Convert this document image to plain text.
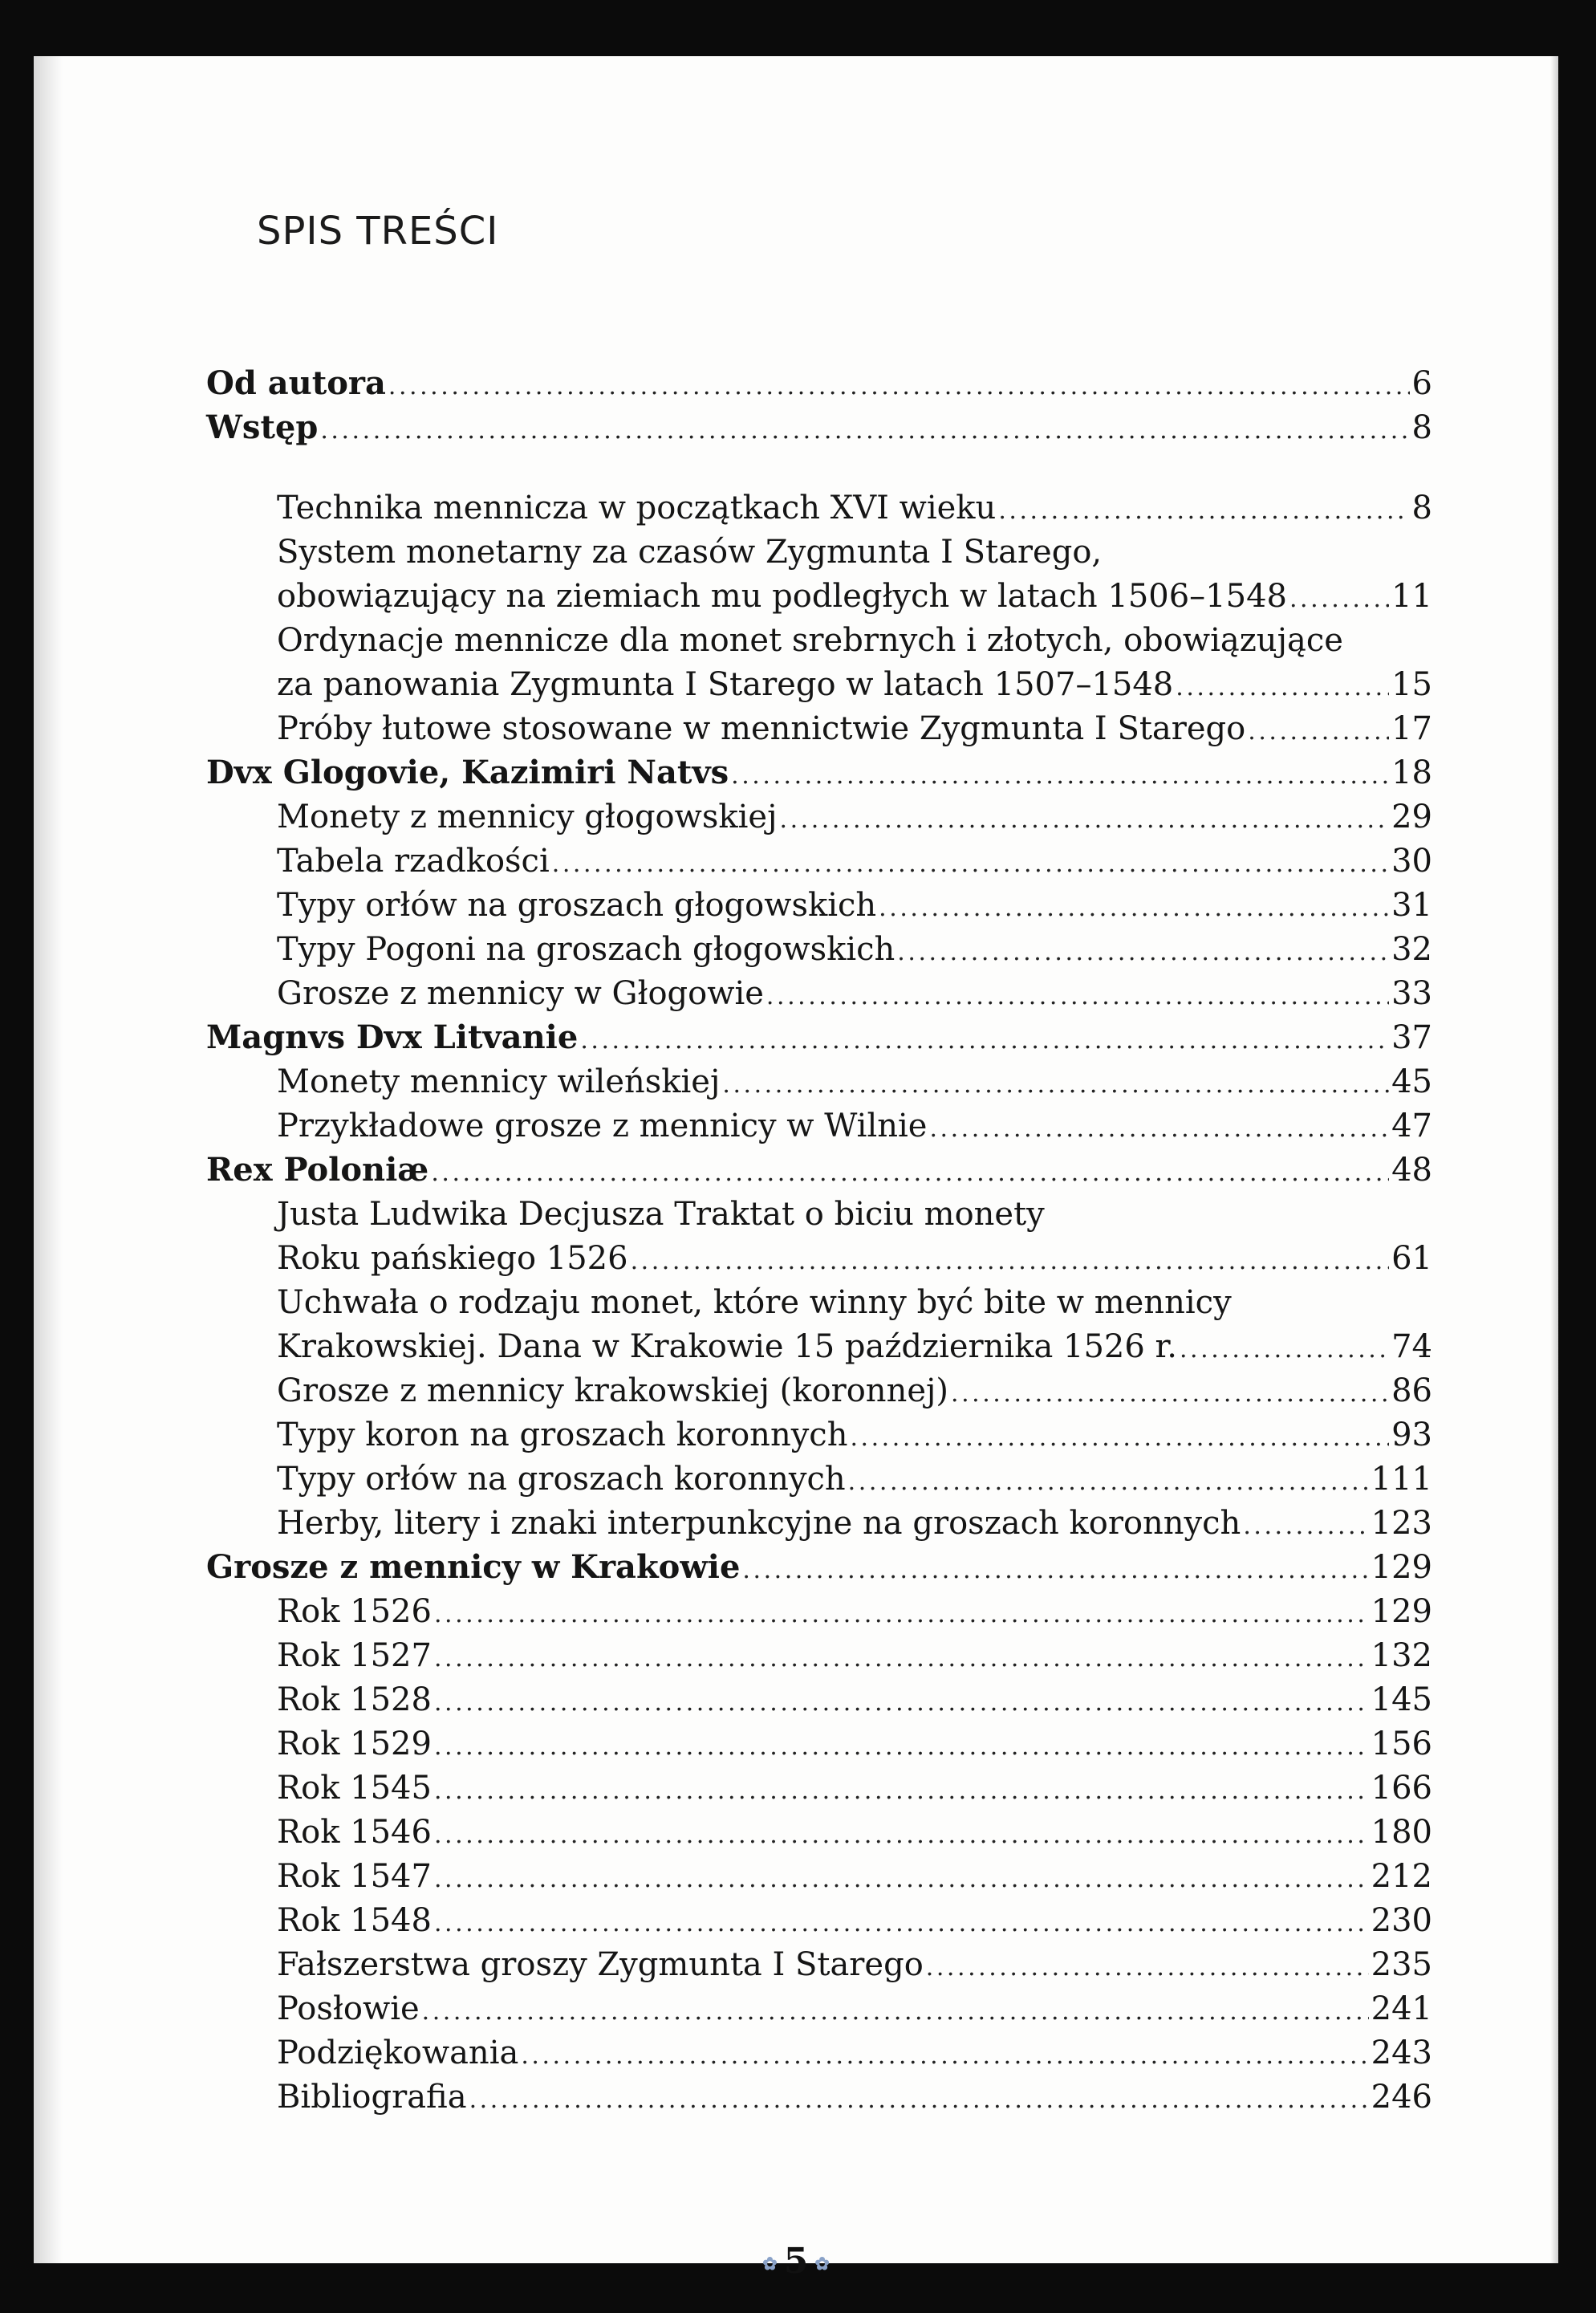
SPIS TREŚCI
Od autora . . .	6
Wstęp . . .	8
Technika mennicza w początkach XVI wieku . . .	8
System monetarny za czasów Zygmunta I Starego,
obowiązujący na ziemiach mu podległych w latach 1506–1548 . . .	11
Ordynacje mennicze dla monet srebrnych i złotych, obowiązujące
za panowania Zygmunta I Starego w latach 1507–1548 . . .	15
Próby łutowe stosowane w mennictwie Zygmunta I Starego . . .	17
Dvx Glogovie, Kazimiri Natvs . . .	18
Monety z mennicy głogowskiej . . .	29
Tabela rzadkości . . .	30
Typy orłów na groszach głogowskich . . .	31
Typy Pogoni na groszach głogowskich . . .	32
Grosze z mennicy w Głogowie . . .	33
Magnvs Dvx Litvanie . . .	37
Monety mennicy wileńskiej . . .	45
Przykładowe grosze z mennicy w Wilnie . . .	47
Rex Poloniæ . . .	48
Justa Ludwika Decjusza Traktat o biciu monety
Roku pańskiego 1526 . . .	61
Uchwała o rodzaju monet, które winny być bite w mennicy
Krakowskiej. Dana w Krakowie 15 października 1526 r. . . .	74
Grosze z mennicy krakowskiej (koronnej) . . .	86
Typy koron na groszach koronnych . . .	93
Typy orłów na groszach koronnych . . .	111
Herby, litery i znaki interpunkcyjne na groszach koronnych . . .	123
Grosze z mennicy w Krakowie . . .	129
Rok 1526 . . .	129
Rok 1527 . . .	132
Rok 1528 . . .	145
Rok 1529 . . .	156
Rok 1545 . . .	166
Rok 1546 . . .	180
Rok 1547 . . .	212
Rok 1548 . . .	230
Fałszerstwa groszy Zygmunta I Starego . . .	235
Posłowie . . .	241
Podziękowania . . .	243
Bibliografia . . .	246
✿ 5 ✿
